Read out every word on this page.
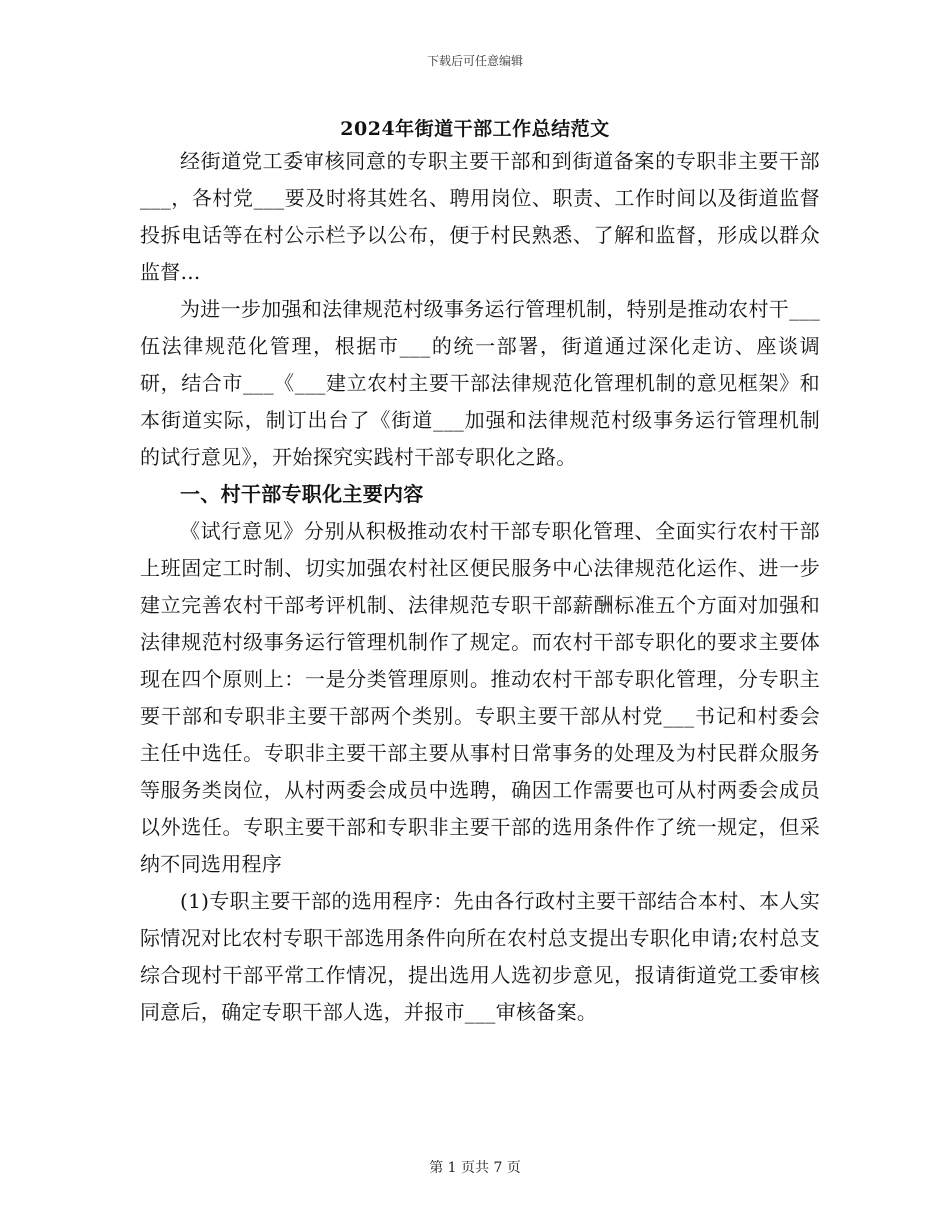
下载后可任意编辑
2024年街道干部工作总结范文

经街道党工委审核同意的专职主要干部和到街道备案的专职非主要干部___，各村党___要及时将其姓名、聘用岗位、职责、工作时间以及街道监督投拆电话等在村公示栏予以公布，便于村民熟悉、了解和监督，形成以群众监督...

为进一步加强和法律规范村级事务运行管理机制，特别是推动农村干___伍法律规范化管理，根据市___的统一部署，街道通过深化走访、座谈调研，结合市___《___建立农村主要干部法律规范化管理机制的意见框架》和本街道实际，制订出台了《街道___加强和法律规范村级事务运行管理机制的试行意见》，开始探究实践村干部专职化之路。

一、村干部专职化主要内容

《试行意见》分别从积极推动农村干部专职化管理、全面实行农村干部上班固定工时制、切实加强农村社区便民服务中心法律规范化运作、进一步建立完善农村干部考评机制、法律规范专职干部薪酬标准五个方面对加强和法律规范村级事务运行管理机制作了规定。而农村干部专职化的要求主要体现在四个原则上：一是分类管理原则。推动农村干部专职化管理，分专职主要干部和专职非主要干部两个类别。专职主要干部从村党___书记和村委会主任中选任。专职非主要干部主要从事村日常事务的处理及为村民群众服务等服务类岗位，从村两委会成员中选聘，确因工作需要也可从村两委会成员以外选任。专职主要干部和专职非主要干部的选用条件作了统一规定，但采纳不同选用程序

(1)专职主要干部的选用程序：先由各行政村主要干部结合本村、本人实际情况对比农村专职干部选用条件向所在农村总支提出专职化申请;农村总支综合现村干部平常工作情况，提出选用人选初步意见，报请街道党工委审核同意后，确定专职干部人选，并报市___审核备案。

第 1 页共 7 页
